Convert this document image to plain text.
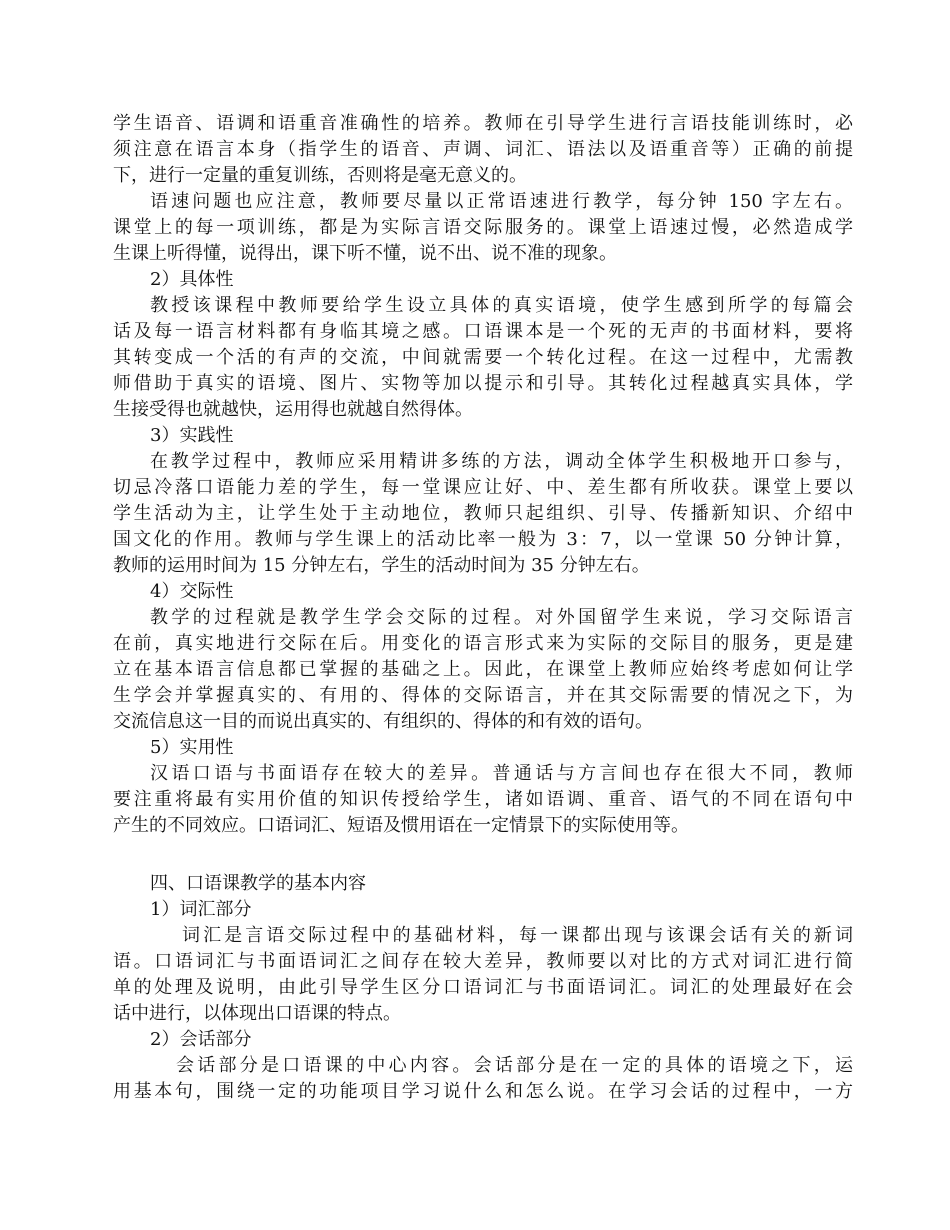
学生语音、语调和语重音准确性的培养。教师在引导学生进行言语技能训练时，必
须注意在语言本身（指学生的语音、声调、词汇、语法以及语重音等）正确的前提
下，进行一定量的重复训练，否则将是毫无意义的。
语速问题也应注意，教师要尽量以正常语速进行教学，每分钟 150 字左右。
课堂上的每一项训练，都是为实际言语交际服务的。课堂上语速过慢，必然造成学
生课上听得懂，说得出，课下听不懂，说不出、说不准的现象。
2）具体性
教授该课程中教师要给学生设立具体的真实语境，使学生感到所学的每篇会
话及每一语言材料都有身临其境之感。口语课本是一个死的无声的书面材料，要将
其转变成一个活的有声的交流，中间就需要一个转化过程。在这一过程中，尤需教
师借助于真实的语境、图片、实物等加以提示和引导。其转化过程越真实具体，学
生接受得也就越快，运用得也就越自然得体。
3）实践性
在教学过程中，教师应采用精讲多练的方法，调动全体学生积极地开口参与，
切忌冷落口语能力差的学生，每一堂课应让好、中、差生都有所收获。课堂上要以
学生活动为主，让学生处于主动地位，教师只起组织、引导、传播新知识、介绍中
国文化的作用。教师与学生课上的活动比率一般为 3：7，以一堂课 50 分钟计算，
教师的运用时间为 15 分钟左右，学生的活动时间为 35 分钟左右。
4）交际性
教学的过程就是教学生学会交际的过程。对外国留学生来说，学习交际语言
在前，真实地进行交际在后。用变化的语言形式来为实际的交际目的服务，更是建
立在基本语言信息都已掌握的基础之上。因此，在课堂上教师应始终考虑如何让学
生学会并掌握真实的、有用的、得体的交际语言，并在其交际需要的情况之下，为
交流信息这一目的而说出真实的、有组织的、得体的和有效的语句。
5）实用性
汉语口语与书面语存在较大的差异。普通话与方言间也存在很大不同，教师
要注重将最有实用价值的知识传授给学生，诸如语调、重音、语气的不同在语句中
产生的不同效应。口语词汇、短语及惯用语在一定情景下的实际使用等。
四、口语课教学的基本内容
1）词汇部分
词汇是言语交际过程中的基础材料，每一课都出现与该课会话有关的新词
语。口语词汇与书面语词汇之间存在较大差异，教师要以对比的方式对词汇进行简
单的处理及说明，由此引导学生区分口语词汇与书面语词汇。词汇的处理最好在会
话中进行，以体现出口语课的特点。
2）会话部分
会话部分是口语课的中心内容。会话部分是在一定的具体的语境之下，运
用基本句，围绕一定的功能项目学习说什么和怎么说。在学习会话的过程中，一方
